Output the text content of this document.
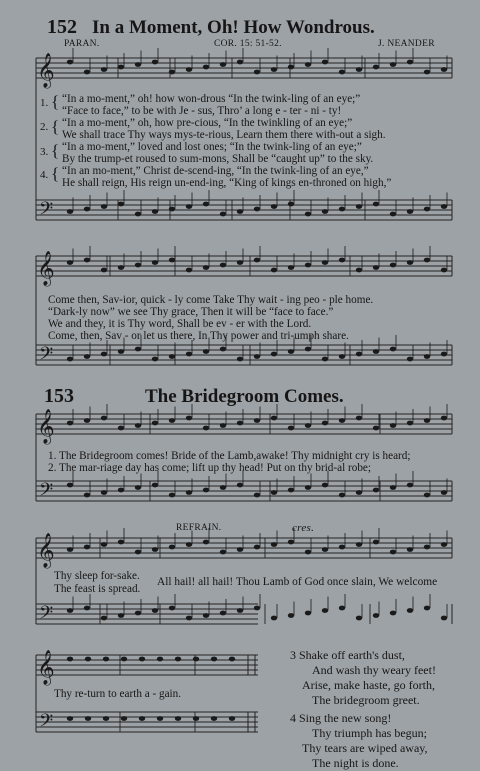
152 In a Moment, Oh! How Wondrous.
PARAN.	COR. 15: 51-52.	J. NEANDER
𝄞
𝄢
𝄞
𝄢
𝄞
𝄢
𝄞
𝄢
𝄞
𝄢
1.
2.
3.
4.
{
{
{
{
“In a mo-ment,” oh! how won-drous “In the twink-ling of an eye;”
“Face to face,” to be with Je - sus, Thro’ a long e - ter - ni - ty!
“In a mo-ment,” oh, how pre-cious, “In the twinkling of an eye;”
We shall trace Thy ways mys-te-rious, Learn them there with-out a sigh.
“In a mo-ment,” loved and lost ones; “In the twink-ling of an eye;”
By the trump-et roused to sum-mons, Shall be “caught up” to the sky.
“In an mo-ment,” Christ de-scend-ing, “In the twink-ling of an eye,”
He shall reign, His reign un-end-ing, “King of kings en-throned on high,”
Come then, Sav-ior, quick - ly come Take Thy wait - ing peo - ple home.
“Dark-ly now” we see Thy grace, Then it will be “face to face.”
We and they, it is Thy word, Shall be ev - er with the Lord.
Come, then, Sav - or let us there, In Thy power and tri-umph share.
153	The Bridegroom Comes.
1. The Bridegroom comes! Bride of the Lamb,awake! Thy midnight cry is heard;
2. The mar-riage day has come; lift up thy head! Put on thy brid-al robe;
REFRAIN.	cres.
Thy sleep for-sake.
The feast is spread.
All hail! all hail! Thou Lamb of God once slain, We welcome
Thy re-turn to earth a - gain.
3 Shake off earth's dust,
And wash thy weary feet!
Arise, make haste, go forth,
The bridegroom greet.
4 Sing the new song!
Thy triumph has begun;
Thy tears are wiped away,
The night is done.
